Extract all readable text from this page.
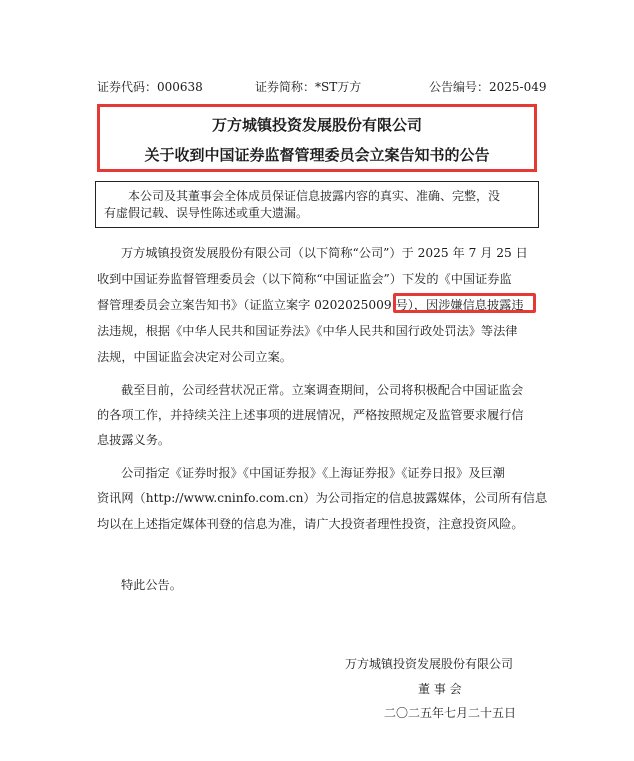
证券代码：000638	证券简称：*ST万方	公告编号：2025-049
万方城镇投资发展股份有限公司
关于收到中国证券监督管理委员会立案告知书的公告

本公司及其董事会全体成员保证信息披露内容的真实、准确、完整，没

有虚假记载、误导性陈述或重大遗漏。

万方城镇投资发展股份有限公司（以下简称“公司”）于 2025 年 7 月 25 日
收到中国证券监督管理委员会（以下简称“中国证监会”）下发的《中国证券监
督管理委员会立案告知书》（证监立案字 0202025009 号），因涉嫌信息披露违
法违规，根据《中华人民共和国证券法》《中华人民共和国行政处罚法》等法律
法规，中国证监会决定对公司立案。
截至目前，公司经营状况正常。立案调查期间，公司将积极配合中国证监会
的各项工作，并持续关注上述事项的进展情况，严格按照规定及监管要求履行信
息披露义务。
公司指定《证券时报》《中国证券报》《上海证券报》《证券日报》及巨潮
资讯网（http://www.cninfo.com.cn）为公司指定的信息披露媒体，公司所有信息
均以在上述指定媒体刊登的信息为准，请广大投资者理性投资，注意投资风险。
特此公告。
万方城镇投资发展股份有限公司
董 事 会
二〇二五年七月二十五日
